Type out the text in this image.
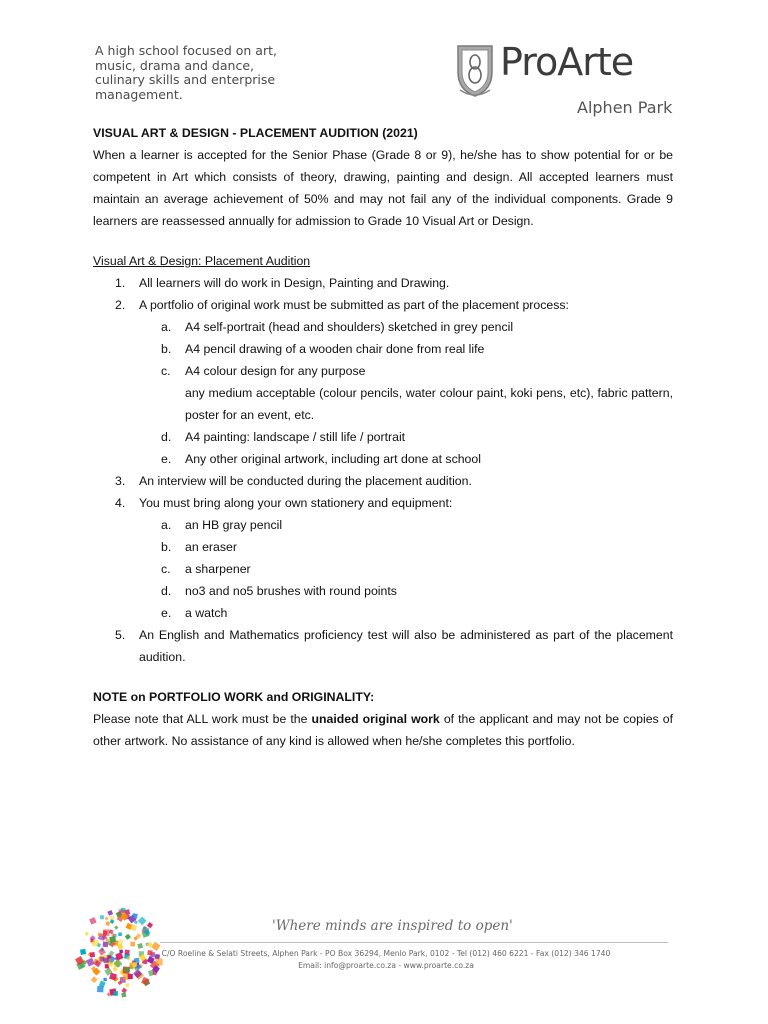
A high school focused on art, music, drama and dance, culinary skills and enterprise management.
ProArte
Alphen Park
VISUAL ART & DESIGN - PLACEMENT AUDITION (2021)
When a learner is accepted for the Senior Phase (Grade 8 or 9), he/she has to show potential for or be competent in Art which consists of theory, drawing, painting and design. All accepted learners must maintain an average achievement of 50% and may not fail any of the individual components. Grade 9 learners are reassessed annually for admission to Grade 10 Visual Art or Design.
Visual Art & Design: Placement Audition
1. All learners will do work in Design, Painting and Drawing.
2. A portfolio of original work must be submitted as part of the placement process:
a. A4 self-portrait (head and shoulders) sketched in grey pencil
b. A4 pencil drawing of a wooden chair done from real life
c. A4 colour design for any purpose
any medium acceptable (colour pencils, water colour paint, koki pens, etc), fabric pattern, poster for an event, etc.
d. A4 painting: landscape / still life / portrait
e. Any other original artwork, including art done at school
3. An interview will be conducted during the placement audition.
4. You must bring along your own stationery and equipment:
a. an HB gray pencil
b. an eraser
c. a sharpener
d. no3 and no5 brushes with round points
e. a watch
5. An English and Mathematics proficiency test will also be administered as part of the placement audition.
NOTE on PORTFOLIO WORK and ORIGINALITY:
Please note that ALL work must be the unaided original work of the applicant and may not be copies of other artwork. No assistance of any kind is allowed when he/she completes this portfolio.
'Where minds are inspired to open'
C/O Roeline & Selati Streets, Alphen Park - PO Box 36294, Menlo Park, 0102 - Tel (012) 460 6221 - Fax (012) 346 1740
Email: info@proarte.co.za - www.proarte.co.za
